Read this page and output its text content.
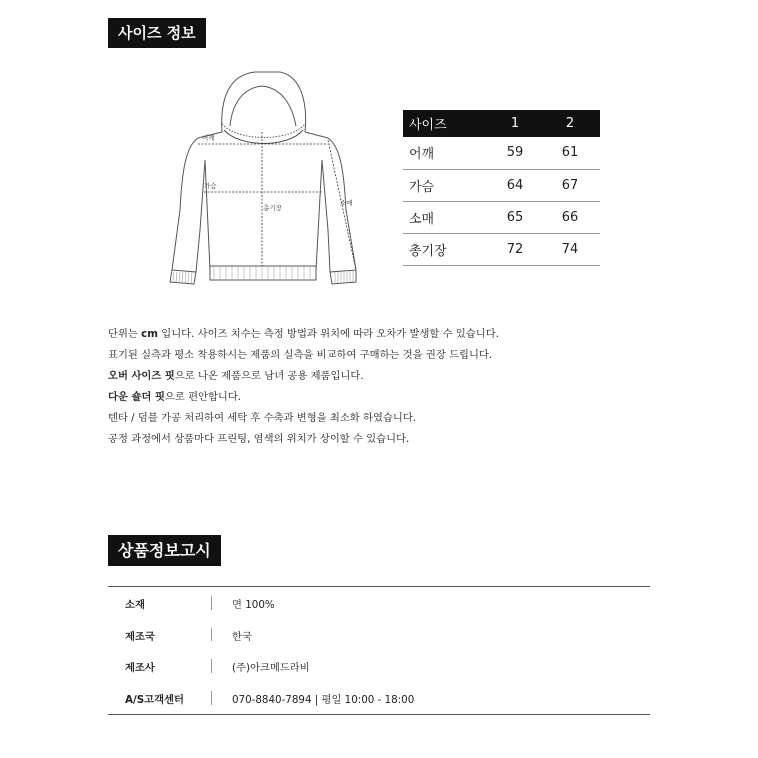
사이즈 정보
어깨
가슴
총기장
소매
사이즈	1	2
어깨	59	61
가슴	64	67
소매	65	66
총기장	72	74
단위는 cm 입니다. 사이즈 치수는 측정 방법과 위치에 따라 오차가 발생할 수 있습니다.
표기된 실측과 평소 착용하시는 제품의 실측을 비교하여 구매하는 것을 권장 드립니다.
오버 사이즈 핏으로 나온 제품으로 남녀 공용 제품입니다.
다운 숄더 핏으로 편안합니다.
텐타 / 덤블 가공 처리하여 세탁 후 수축과 변형을 최소화 하였습니다.
공정 과정에서 상품마다 프린팅, 염색의 위치가 상이할 수 있습니다.
상품정보고시
소재	면 100%
제조국	한국
제조사	(주)아크메드라비
A/S고객센터	070-8840-7894 | 평일 10:00 - 18:00
